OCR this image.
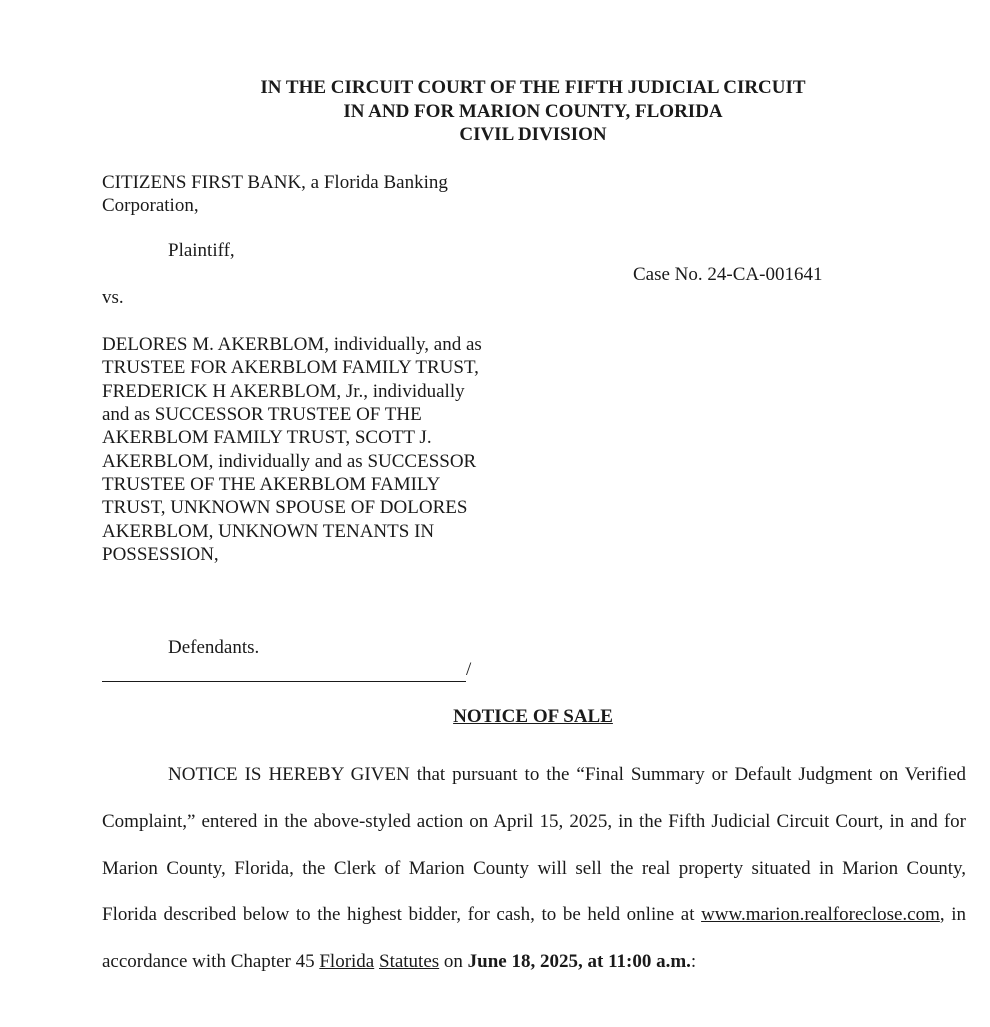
IN THE CIRCUIT COURT OF THE FIFTH JUDICIAL CIRCUIT
IN AND FOR MARION COUNTY, FLORIDA
CIVIL DIVISION

CITIZENS FIRST BANK, a Florida Banking Corporation,

Plaintiff,
Case No. 24-CA-001641
vs.
DELORES M. AKERBLOM, individually, and as TRUSTEE FOR AKERBLOM FAMILY TRUST, FREDERICK H AKERBLOM, Jr., individually and as SUCCESSOR TRUSTEE OF THE AKERBLOM FAMILY TRUST, SCOTT J. AKERBLOM, individually and as SUCCESSOR TRUSTEE OF THE AKERBLOM FAMILY TRUST, UNKNOWN SPOUSE OF DOLORES AKERBLOM, UNKNOWN TENANTS IN POSSESSION,
Defendants.
/
NOTICE OF SALE

NOTICE IS HEREBY GIVEN that pursuant to the “Final Summary or Default Judgment on Verified Complaint,” entered in the above-styled action on April 15, 2025, in the Fifth Judicial Circuit Court, in and for Marion County, Florida, the Clerk of Marion County will sell the real property situated in Marion County, Florida described below to the highest bidder, for cash, to be held online at www.marion.realforeclose.com, in accordance with Chapter 45 Florida Statutes on June 18, 2025, at 11:00 a.m.:
